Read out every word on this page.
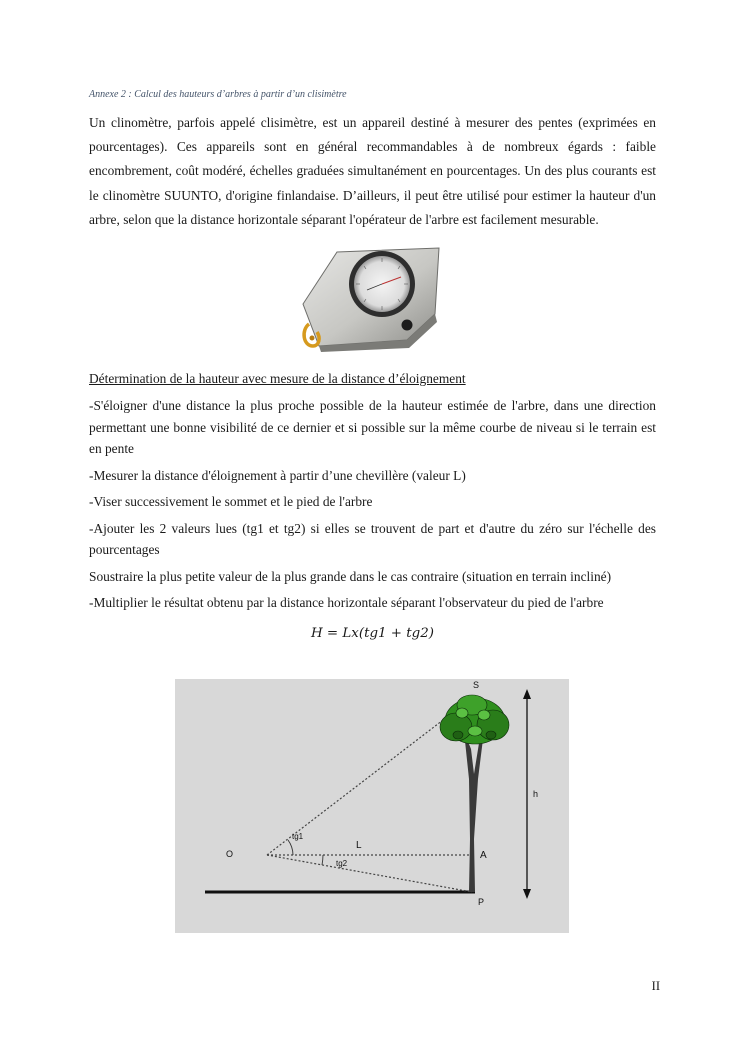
Annexe 2 : Calcul des hauteurs d’arbres à partir d’un clisimètre

Un clinomètre, parfois appelé clisimètre, est un appareil destiné à mesurer des pentes (exprimées en pourcentages). Ces appareils sont en général recommandables à de nombreux égards : faible encombrement, coût modéré, échelles graduées simultanément en pourcentages. Un des plus courants est le clinomètre SUUNTO, d'origine finlandaise. D’ailleurs, il peut être utilisé pour estimer la hauteur d'un arbre, selon que la distance horizontale séparant l'opérateur de l'arbre est facilement mesurable.

Détermination de la hauteur avec mesure de la distance d’éloignement

-S'éloigner d'une distance la plus proche possible de la hauteur estimée de l'arbre, dans une direction permettant une bonne visibilité de ce dernier et si possible sur la même courbe de niveau si le terrain est en pente

-Mesurer la distance d'éloignement à partir d’une chevillère (valeur L)

-Viser successivement le sommet et le pied de l'arbre

-Ajouter les 2 valeurs lues (tg1 et tg2) si elles se trouvent de part et d'autre du zéro sur l'échelle des pourcentages

Soustraire la plus petite valeur de la plus grande dans le cas contraire (situation en terrain incliné)

-Multiplier le résultat obtenu par la distance horizontale séparant l'observateur du pied de l'arbre

H = Lx(tg1 + tg2)

S
O
tg1
tg2
L
A
P
h
II
